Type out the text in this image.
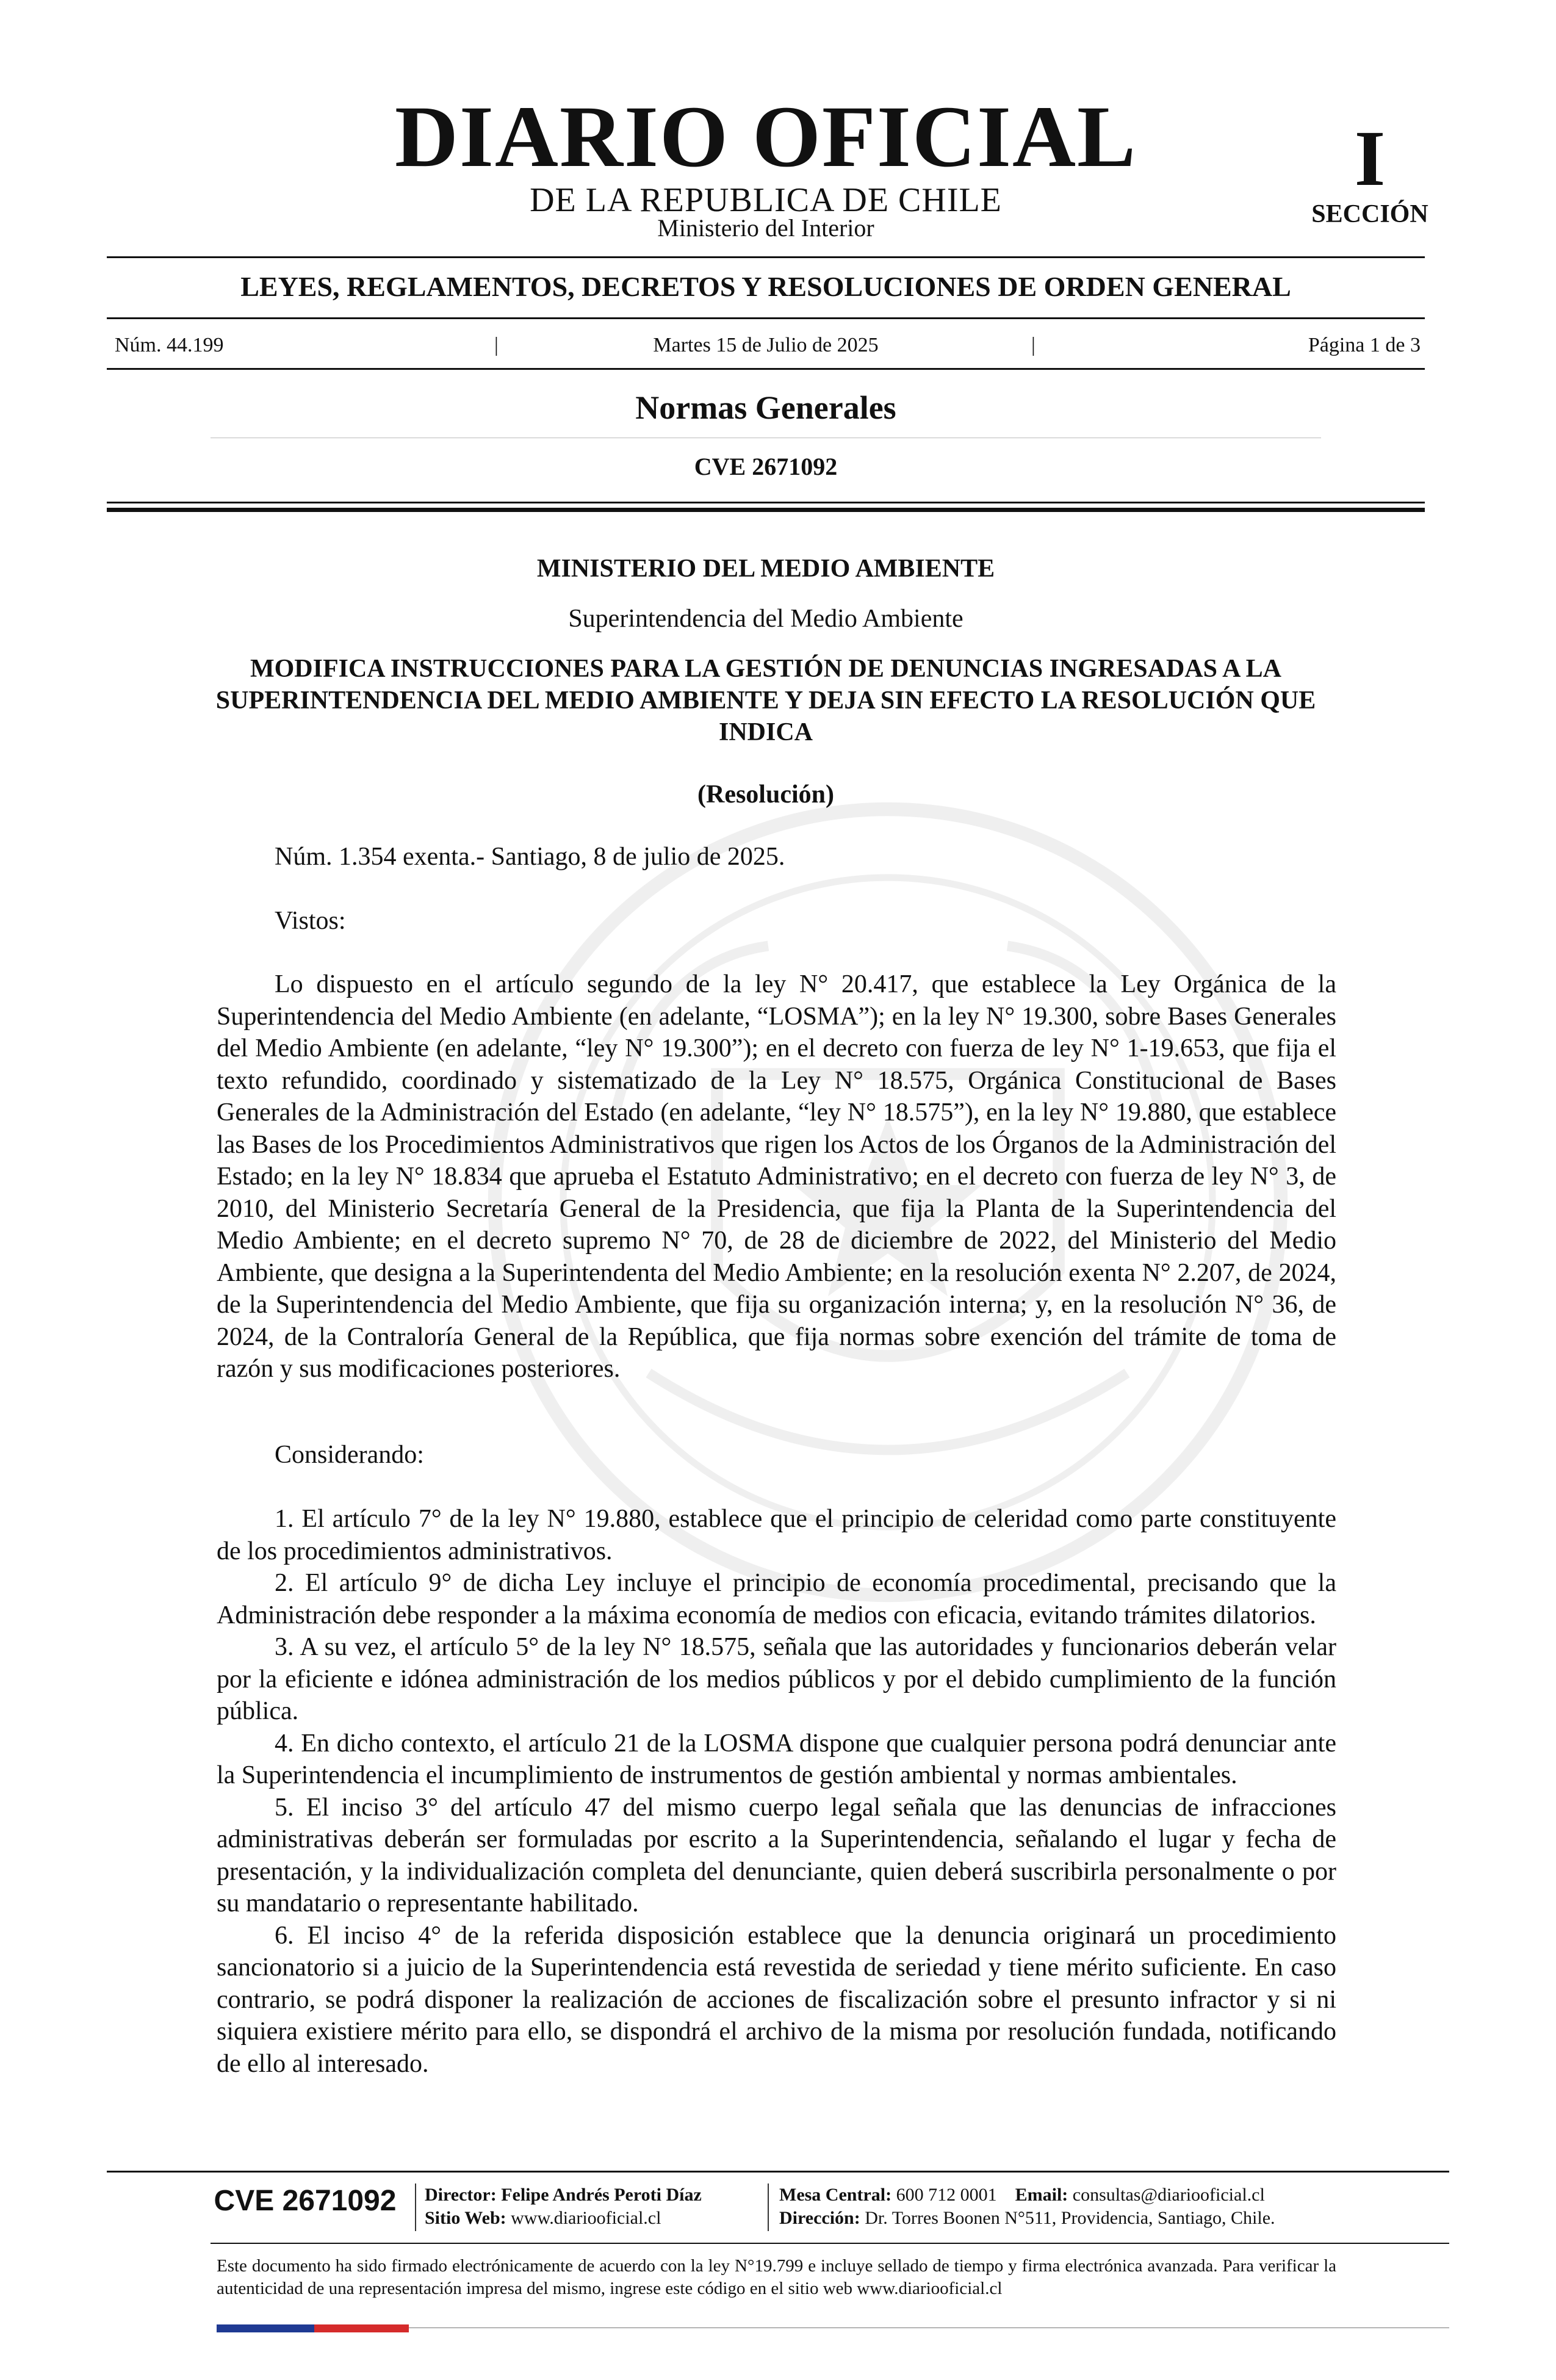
DIARIO OFICIAL
DE LA REPUBLICA DE CHILE
Ministerio del Interior
I
SECCIÓN
LEYES, REGLAMENTOS, DECRETOS Y RESOLUCIONES DE ORDEN GENERAL
Núm. 44.199	|	Martes 15 de Julio de 2025	|	Página 1 de 3
Normas Generales
CVE 2671092
MINISTERIO DEL MEDIO AMBIENTE
Superintendencia del Medio Ambiente
MODIFICA INSTRUCCIONES PARA LA GESTIÓN DE DENUNCIAS INGRESADAS A LA SUPERINTENDENCIA DEL MEDIO AMBIENTE Y DEJA SIN EFECTO LA RESOLUCIÓN QUE INDICA
(Resolución)

Núm. 1.354 exenta.- Santiago, 8 de julio de 2025.

Vistos:

Lo dispuesto en el artículo segundo de la ley N° 20.417, que establece la Ley Orgánica de la Superintendencia del Medio Ambiente (en adelante, “LOSMA”); en la ley N° 19.300, sobre Bases Generales del Medio Ambiente (en adelante, “ley N° 19.300”); en el decreto con fuerza de ley N° 1-19.653, que fija el texto refundido, coordinado y sistematizado de la Ley N° 18.575, Orgánica Constitucional de Bases Generales de la Administración del Estado (en adelante, “ley N° 18.575”), en la ley N° 19.880, que establece las Bases de los Procedimientos Administrativos que rigen los Actos de los Órganos de la Administración del Estado; en la ley N° 18.834 que aprueba el Estatuto Administrativo; en el decreto con fuerza de ley N° 3, de 2010, del Ministerio Secretaría General de la Presidencia, que fija la Planta de la Superintendencia del Medio Ambiente; en el decreto supremo N° 70, de 28 de diciembre de 2022, del Ministerio del Medio Ambiente, que designa a la Superintendenta del Medio Ambiente; en la resolución exenta N° 2.207, de 2024, de la Superintendencia del Medio Ambiente, que fija su organización interna; y, en la resolución N° 36, de 2024, de la Contraloría General de la República, que fija normas sobre exención del trámite de toma de razón y sus modificaciones posteriores.

Considerando:

1. El artículo 7° de la ley N° 19.880, establece que el principio de celeridad como parte constituyente de los procedimientos administrativos.

2. El artículo 9° de dicha Ley incluye el principio de economía procedimental, precisando que la Administración debe responder a la máxima economía de medios con eficacia, evitando trámites dilatorios.

3. A su vez, el artículo 5° de la ley N° 18.575, señala que las autoridades y funcionarios deberán velar por la eficiente e idónea administración de los medios públicos y por el debido cumplimiento de la función pública.

4. En dicho contexto, el artículo 21 de la LOSMA dispone que cualquier persona podrá denunciar ante la Superintendencia el incumplimiento de instrumentos de gestión ambiental y normas ambientales.

5. El inciso 3° del artículo 47 del mismo cuerpo legal señala que las denuncias de infracciones administrativas deberán ser formuladas por escrito a la Superintendencia, señalando el lugar y fecha de presentación, y la individualización completa del denunciante, quien deberá suscribirla personalmente o por su mandatario o representante habilitado.

6. El inciso 4° de la referida disposición establece que la denuncia originará un procedimiento sancionatorio si a juicio de la Superintendencia está revestida de seriedad y tiene mérito suficiente. En caso contrario, se podrá disponer la realización de acciones de fiscalización sobre el presunto infractor y si ni siquiera existiere mérito para ello, se dispondrá el archivo de la misma por resolución fundada, notificando de ello al interesado.

CVE 2671092	Director: Felipe Andrés Peroti Díaz
Sitio Web: www.diariooficial.cl
Mesa Central: 600 712 0001 Email: consultas@diariooficial.cl
Dirección: Dr. Torres Boonen N°511, Providencia, Santiago, Chile.

Este documento ha sido firmado electrónicamente de acuerdo con la ley N°19.799 e incluye sellado de tiempo y firma electrónica avanzada. Para verificar la autenticidad de una representación impresa del mismo, ingrese este código en el sitio web www.diariooficial.cl
